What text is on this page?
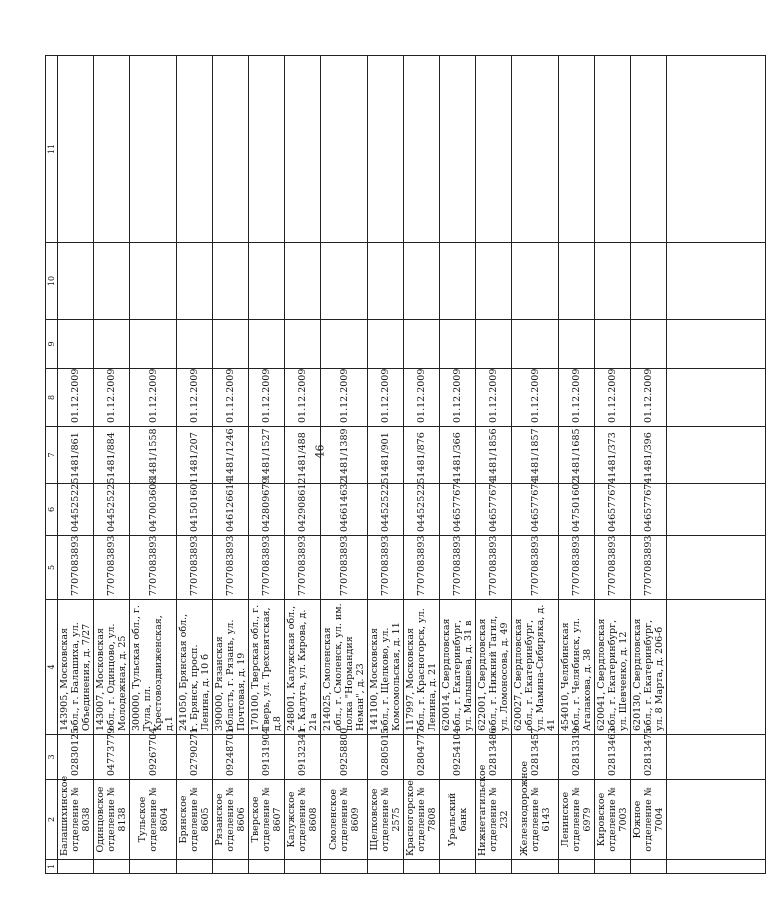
46
1	2	3	4	5	6	7	8	9	10	11
	Балашихинское отделение № 8038	02830125	143905, Московская обл., г. Балашиха, ул. Объединения, д. 7/27	7707083893	044525225	1481/861	01.12.2009			
	Одинцовское отделение № 8138	04773779	143007, Московская обл., г. Одинцово, ул. Молодежная, д. 25	7707083893	044525225	1481/884	01.12.2009			
	Тульское отделение № 8604	09267704	300000, Тульская обл., г. Тула, пл. Крестовоздвиженская, д.1	7707083893	047003608	1481/1558	01.12.2009			
	Брянское отделение № 8605	02790271	241050, Брянская обл., г. Брянск, просп. Ленина, д. 10 б	7707083893	041501601	1481/207	01.12.2009			
	Рязанское отделение № 8606	09248701	390000, Рязанская область, г. Рязань, ул. Почтовая, д. 19	7707083893	046126614	1481/1246	01.12.2009			
	Тверское отделение № 8607	09131904	170100, Тверская обл., г. Тверь, ул. Трехсвятская, д.8	7707083893	042809679	1481/1527	01.12.2009			
	Калужское отделение № 8608	09132341	248001, Калужская обл., г. Калуга, ул. Кирова, д. 21а	7707083893	042908612	1481/488	01.12.2009			
	Смоленское отделение № 8609	09258800	214025, Смоленская обл., г. Смоленск, ул. им. полка "Нормандия Неман", д. 23	7707083893	046614632	1481/1389	01.12.2009			
	Щелковское отделение № 2575	02805015	141100, Московская обл., г. Щелково, ул. Комсомольская, д. 11	7707083893	044525225	1481/901	01.12.2009			
	Красногорское отделение № 7808	02804777	117997, Московская обл., г. Красногорск, ул. Ленина, д. 21	7707083893	044525225	1481/876	01.12.2009			
	Уральский банк	09254104	620014, Свердловская обл., г. Екатеринбург, ул. Малышева, д. 31 в	7707083893	046577674	1481/366	01.12.2009			
	Нижнетагильское отделение № 232	02813486	622001, Свердловская обл., г. Нижний Тагил, ул. Ломоносова, д. 49	7707083893	046577674	1481/1856	01.12.2009			
	Железнодорожное отделение № 6143	02813457	620027, Свердловская обл., г. Екатеринбург, ул. Мамина-Сибиряка, д. 41	7707083893	046577674	1481/1857	01.12.2009			
	Ленинское отделение № 6979	02813319	454010, Челябинская обл., г. Челябинск, ул. Агалакова, д. 38	7707083893	047501602	1481/1685	01.12.2009			
	Кировское отделение № 7003	02813463	620041, Свердловская обл., г. Екатеринбург, ул. Шевченко, д. 12	7707083893	046577674	1481/373	01.12.2009			
	Южное отделение № 7004	02813475	620130, Свердловская обл., г. Екатеринбург, ул. 8 Марта, д. 206-б	7707083893	046577674	1481/396	01.12.2009			
